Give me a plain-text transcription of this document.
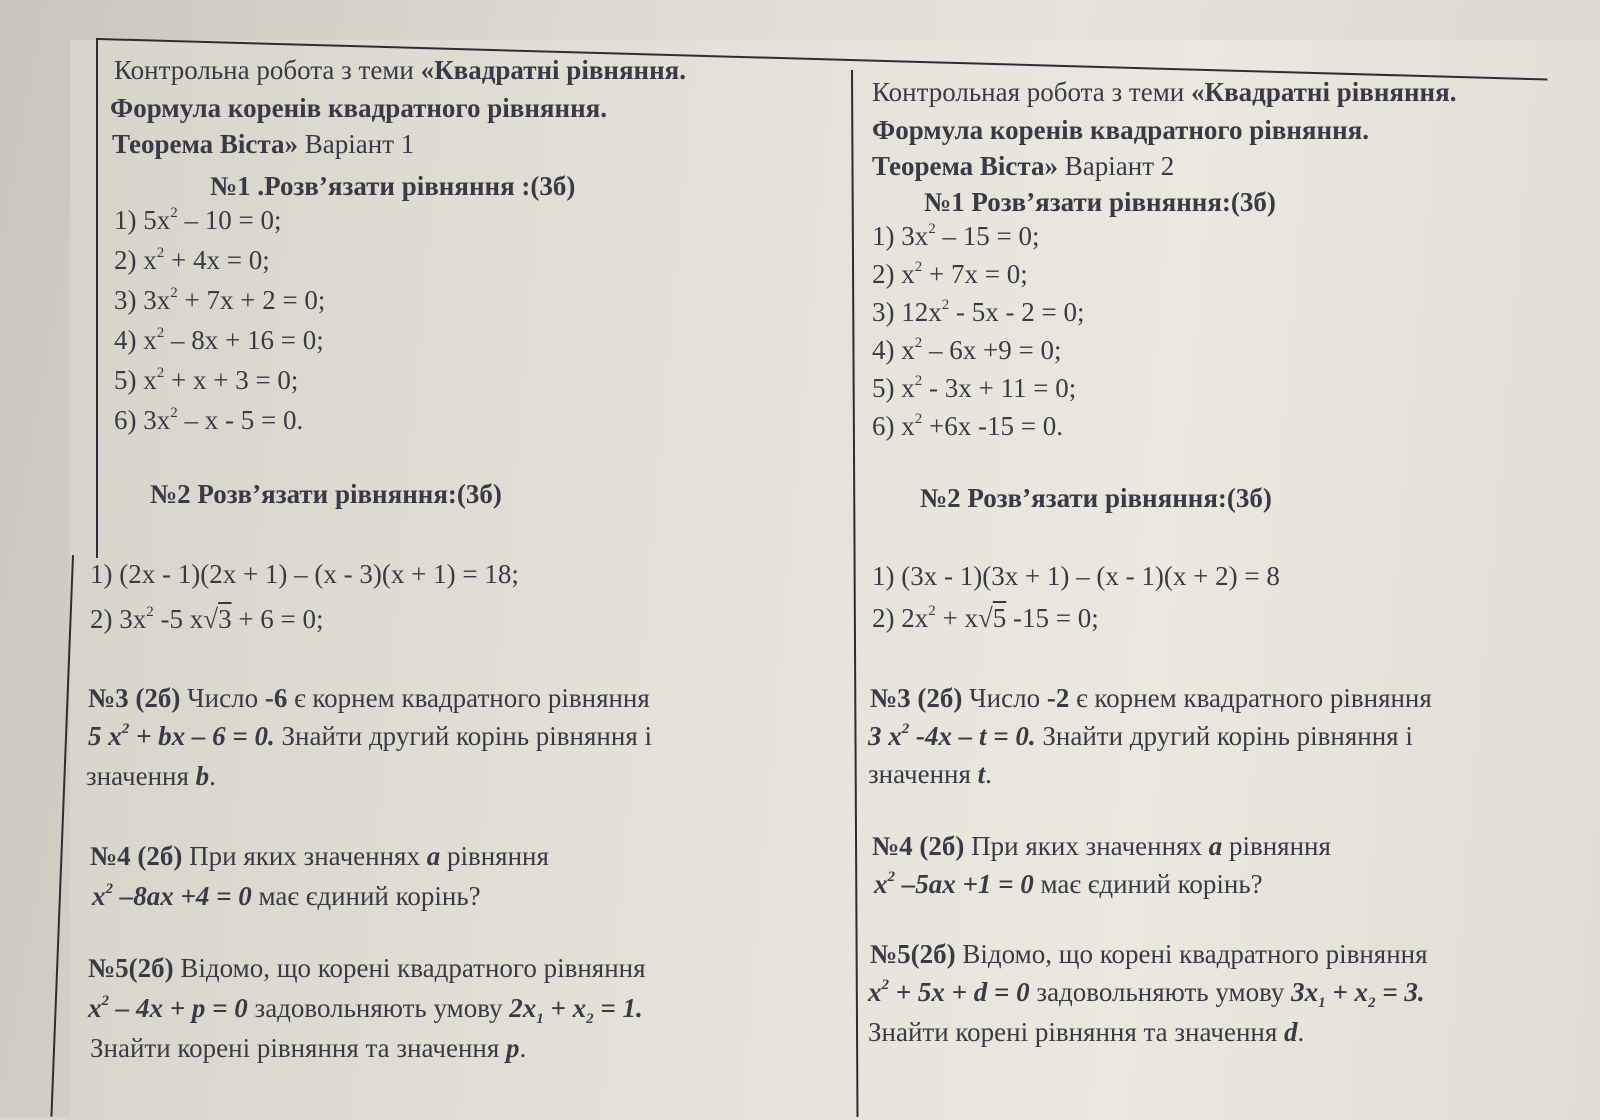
Контрольна робота з теми «Квадратні рівняння.
Формула коренів квадратного рівняння.
Теорема Віста» Варіант 1
№1 .Розв’язати рівняння :(3б)
1) $5x^2 - 10 = 0$;
2) $x^2 + 4x = 0$;
3) $3x^2 + 7x + 2 = 0$;
4) $x^2 - 8x + 16 = 0$;
5) $x^2 + x + 3 = 0$;
6) $3x^2 - x - 5 = 0$.
№2 Розв’язати рівняння:(3б)
1) (2x - 1)(2x + 1) – (x - 3)(x + 1) = 18;
2) $3x^2$ -5 x√3 + 6 = 0;
№3 (2б) Число -6 є корнем квадратного рівняння
5 $x^2$ + bx – 6 = 0. Знайти другий корінь рівняння і
значення b.
№4 (2б) При яких значеннях a рівняння
$x^2$ –8ax +4 = 0 має єдиний корінь?
№5(2б) Відомо, що корені квадратного рівняння
$x^2 - 4x + p = 0$ задовольняють умову $2x_1 + x_2 = 1$.
Знайти корені рівняння та значення p.
Контрольная робота з теми «Квадратні рівняння.
Формула коренів квадратного рівняння.
Теорема Віста» Варіант 2
№1 Розв’язати рівняння:(3б)
1) $3x^2 - 15 = 0$;
2) $x^2 + 7x = 0$;
3) $12x^2 - 5x - 2 = 0$;
4) $x^2 - 6x +9 = 0$;
5) $x^2 - 3x + 11 = 0$;
6) $x^2 +6x$ -15 = 0.
№2 Розв’язати рівняння:(3б)
1) (3x - 1)(3x + 1) – (x - 1)(x + 2) = 8
2) $2x^2 + x√5$ -15 = 0;
№3 (2б) Число -2 є корнем квадратного рівняння
3 $x^2$ -4x – t = 0. Знайти другий корінь рівняння і
значення t.
№4 (2б) При яких значеннях a рівняння
$x^2$ –5ax +1 = 0 має єдиний корінь?
№5(2б) Відомо, що корені квадратного рівняння
$x^2 + 5x + d = 0$ задовольняють умову $3x_1 + x_2 = 3$.
Знайти корені рівняння та значення d.
